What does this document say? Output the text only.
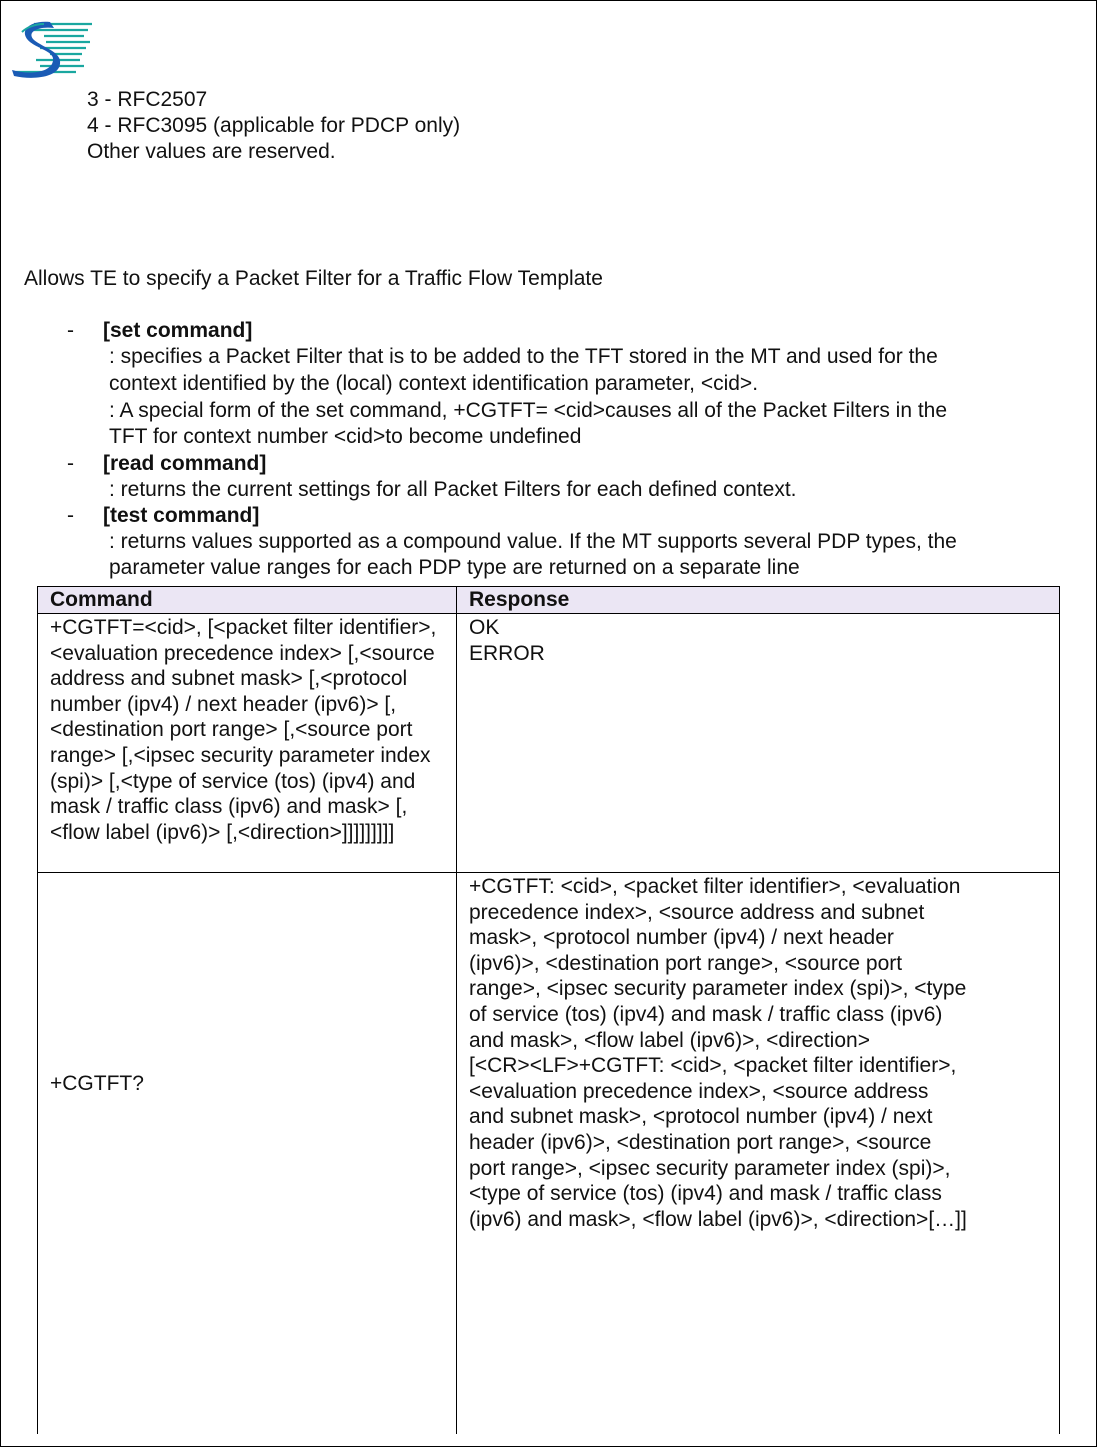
3 - RFC2507
4 - RFC3095 (applicable for PDCP only)
Other values are reserved.
Allows TE to specify a Packet Filter for a Traffic Flow Template
- [set command]
: specifies a Packet Filter that is to be added to the TFT stored in the MT and used for the
context identified by the (local) context identification parameter, <cid>.
: A special form of the set command, +CGTFT= <cid>causes all of the Packet Filters in the
TFT for context number <cid>to become undefined
- [read command]
: returns the current settings for all Packet Filters for each defined context.
- [test command]
: returns values supported as a compound value. If the MT supports several PDP types, the
parameter value ranges for each PDP type are returned on a separate line
Command	Response
+CGTFT=<cid>, [<packet filter identifier>, <evaluation precedence index> [,<source address and subnet mask> [,<protocol number (ipv4) / next header (ipv6)> [,<destination port range> [,<source port range> [,<ipsec security parameter index (spi)> [,<type of service (tos) (ipv4) and mask / traffic class (ipv6) and mask> [,<flow label (ipv6)> [,<direction>]]]]]]]]]	OK
ERROR
+CGTFT?	+CGTFT: <cid>, <packet filter identifier>, <evaluation precedence index>, <source address and subnet mask>, <protocol number (ipv4) / next header (ipv6)>, <destination port range>, <source port range>, <ipsec security parameter index (spi)>, <type of service (tos) (ipv4) and mask / traffic class (ipv6) and mask>, <flow label (ipv6)>, <direction>
[<CR><LF>+CGTFT: <cid>, <packet filter identifier>, <evaluation precedence index>, <source address and subnet mask>, <protocol number (ipv4) / next header (ipv6)>, <destination port range>, <source port range>, <ipsec security parameter index (spi)>, <type of service (tos) (ipv4) and mask / traffic class (ipv6) and mask>, <flow label (ipv6)>, <direction>[…]]
